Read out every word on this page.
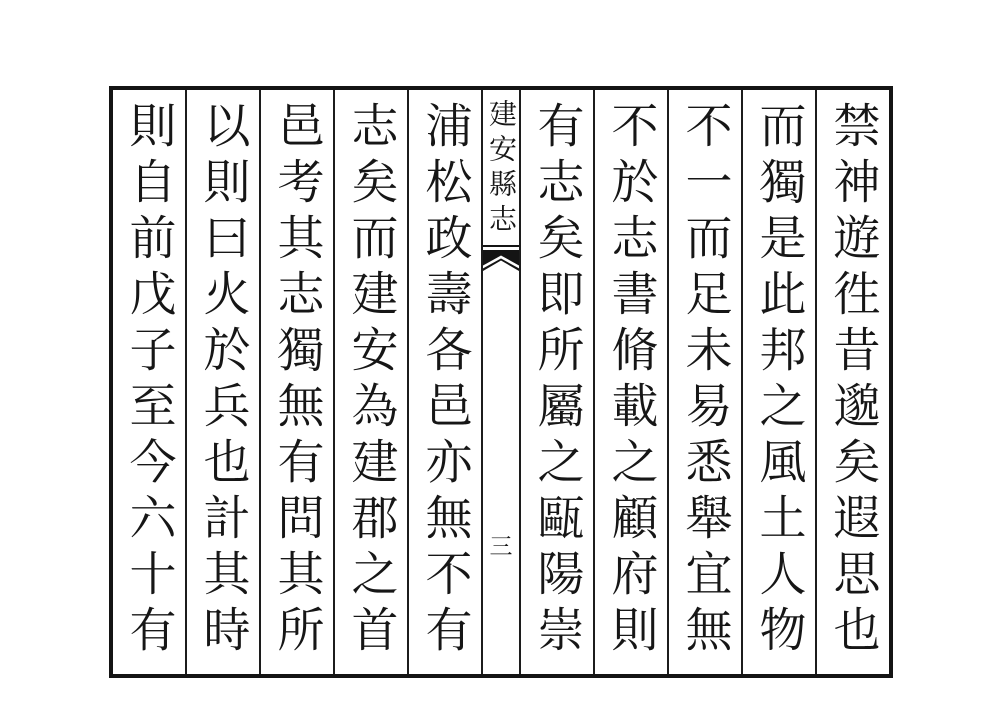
禁神遊徃昔邈矣遐思也
而獨是此邦之風土人物
不一而足未易悉舉宜無
不於志書脩載之顧府則
有志矣即所屬之甌陽崇
建安縣志
三
浦松政壽各邑亦無不有
志矣而建安為建郡之首
邑考其志獨無有問其所
以則曰火於兵也計其時
則自前戊子至今六十有
